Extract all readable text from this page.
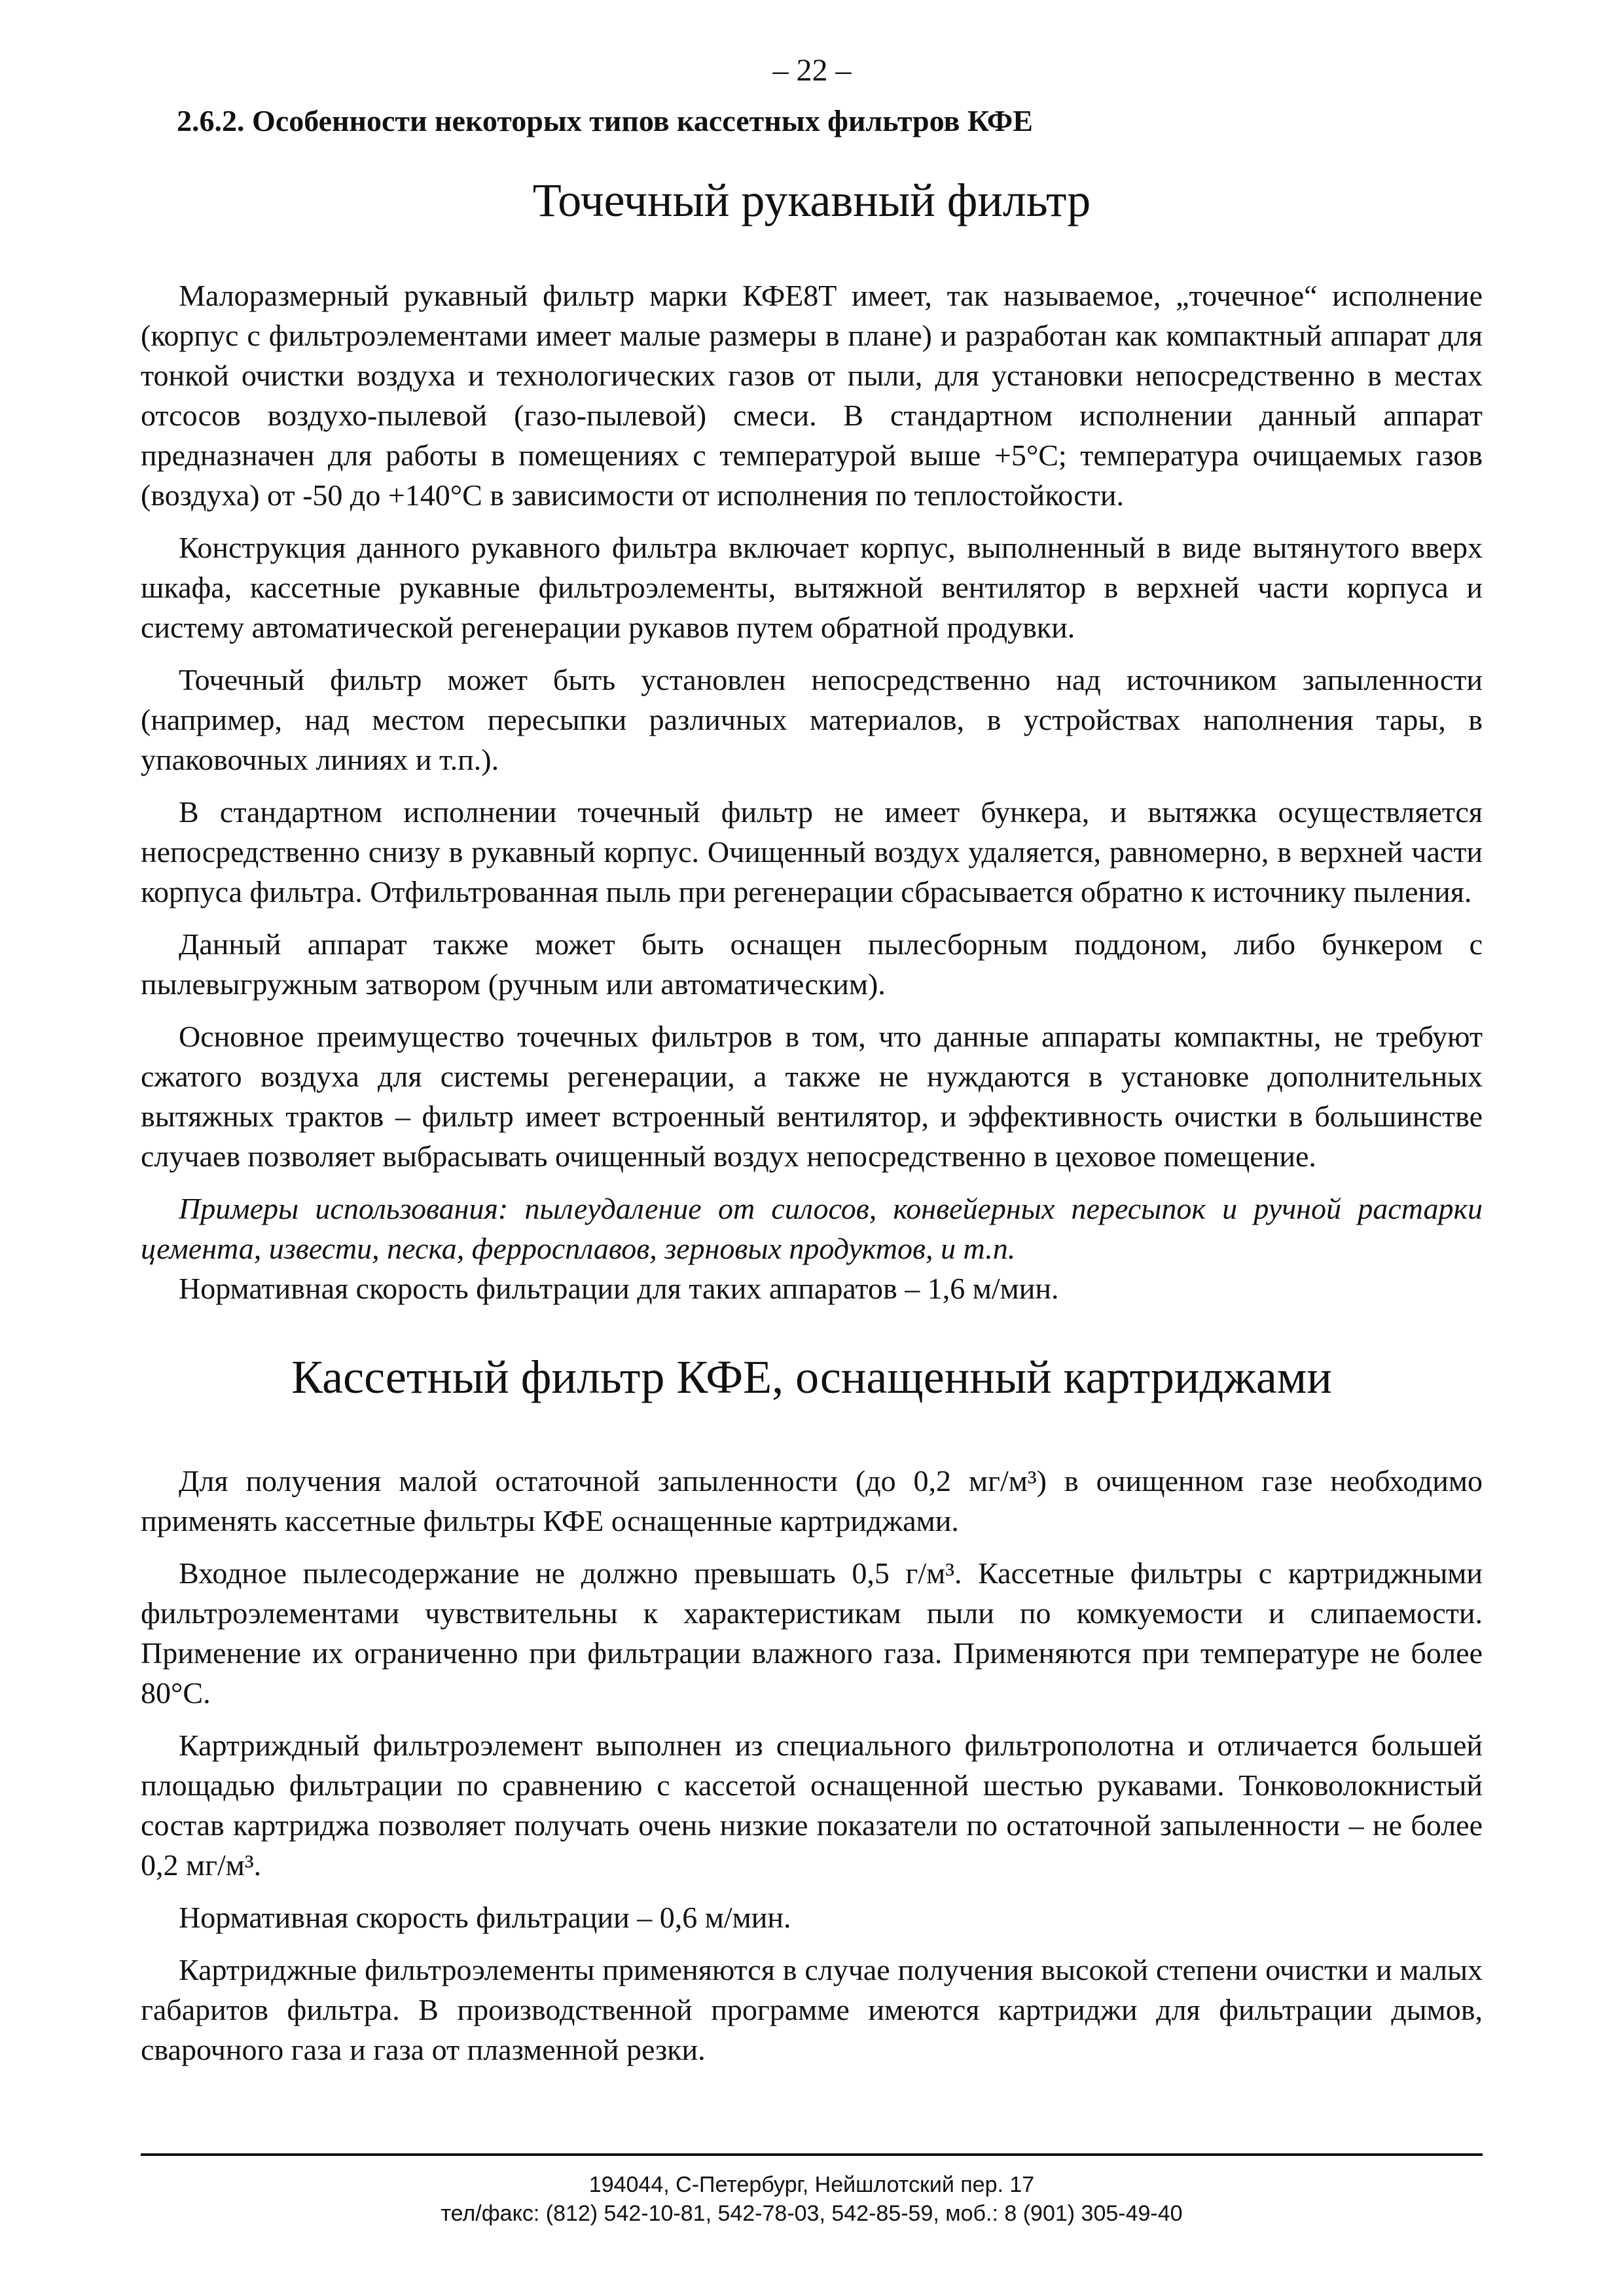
– 22 –
2.6.2. Особенности некоторых типов кассетных фильтров КФЕ
Точечный рукавный фильтр

Малоразмерный рукавный фильтр марки КФЕ8Т имеет, так называемое, „точечное“ исполнение (корпус с фильтроэлементами имеет малые размеры в плане) и разработан как компактный аппарат для тонкой очистки воздуха и технологических газов от пыли, для установки непосредственно в местах отсосов воздухо-пылевой (газо-пылевой) смеси. В стандартном исполнении данный аппарат предназначен для работы в помещениях с температурой выше +5°С; температура очищаемых газов (воздуха) от -50 до +140°С в зависимости от исполнения по теплостойкости.

Конструкция данного рукавного фильтра включает корпус, выполненный в виде вытянутого вверх шкафа, кассетные рукавные фильтроэлементы, вытяжной вентилятор в верхней части корпуса и систему автоматической регенерации рукавов путем обратной продувки.

Точечный фильтр может быть установлен непосредственно над источником запыленности (например, над местом пересыпки различных материалов, в устройствах наполнения тары, в упаковочных линиях и т.п.).

В стандартном исполнении точечный фильтр не имеет бункера, и вытяжка осуществляется непосредственно снизу в рукавный корпус. Очищенный воздух удаляется, равномерно, в верхней части корпуса фильтра. Отфильтрованная пыль при регенерации сбрасывается обратно к источнику пыления.

Данный аппарат также может быть оснащен пылесборным поддоном, либо бункером с пылевыгружным затвором (ручным или автоматическим).

Основное преимущество точечных фильтров в том, что данные аппараты компактны, не требуют сжатого воздуха для системы регенерации, а также не нуждаются в установке дополнительных вытяжных трактов – фильтр имеет встроенный вентилятор, и эффективность очистки в большинстве случаев позволяет выбрасывать очищенный воздух непосредственно в цеховое помещение.

Примеры использования: пылеудаление от силосов, конвейерных пересыпок и ручной растарки цемента, извести, песка, ферросплавов, зерновых продуктов, и т.п.

Нормативная скорость фильтрации для таких аппаратов – 1,6 м/мин.

Кассетный фильтр КФЕ, оснащенный картриджами

Для получения малой остаточной запыленности (до 0,2 мг/м³) в очищенном газе необходимо применять кассетные фильтры КФЕ оснащенные картриджами.

Входное пылесодержание не должно превышать 0,5 г/м³. Кассетные фильтры с картриджными фильтроэлементами чувствительны к характеристикам пыли по комкуемости и слипаемости. Применение их ограниченно при фильтрации влажного газа. Применяются при температуре не более 80°С.

Картриждный фильтроэлемент выполнен из специального фильтрополотна и отличается большей площадью фильтрации по сравнению с кассетой оснащенной шестью рукавами. Тонковолокнистый состав картриджа позволяет получать очень низкие показатели по остаточной запыленности – не более 0,2 мг/м³.

Нормативная скорость фильтрации – 0,6 м/мин.

Картриджные фильтроэлементы применяются в случае получения высокой степени очистки и малых габаритов фильтра. В производственной программе имеются картриджи для фильтрации дымов, сварочного газа и газа от плазменной резки.

194044, С-Петербург, Нейшлотский пер. 17
тел/факс: (812) 542-10-81, 542-78-03, 542-85-59, моб.: 8 (901) 305-49-40
